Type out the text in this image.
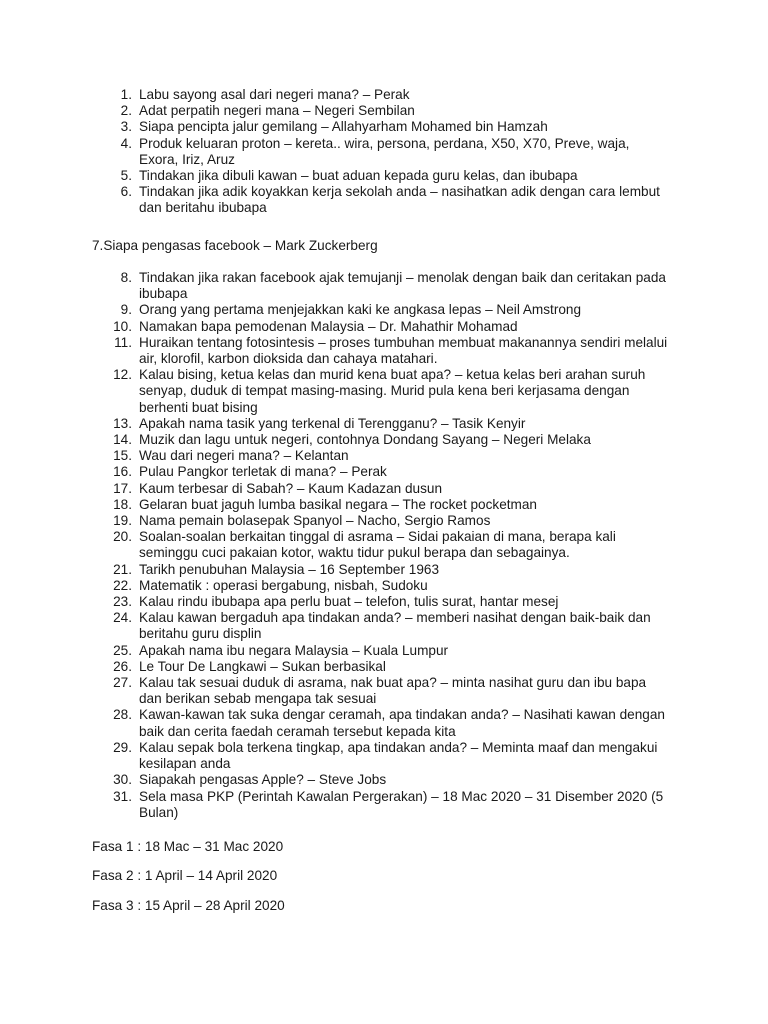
1. Labu sayong asal dari negeri mana? – Perak
2. Adat perpatih negeri mana – Negeri Sembilan
3. Siapa pencipta jalur gemilang – Allahyarham Mohamed bin Hamzah
4. Produk keluaran proton – kereta.. wira, persona, perdana, X50, X70, Preve, waja, Exora, Iriz, Aruz
5. Tindakan jika dibuli kawan – buat aduan kepada guru kelas, dan ibubapa
6. Tindakan jika adik koyakkan kerja sekolah anda – nasihatkan adik dengan cara lembut dan beritahu ibubapa

7.Siapa pengasas facebook – Mark Zuckerberg

8. Tindakan jika rakan facebook ajak temujanji – menolak dengan baik dan ceritakan pada ibubapa
9. Orang yang pertama menjejakkan kaki ke angkasa lepas – Neil Amstrong
10. Namakan bapa pemodenan Malaysia – Dr. Mahathir Mohamad
11. Huraikan tentang fotosintesis – proses tumbuhan membuat makanannya sendiri melalui air, klorofil, karbon dioksida dan cahaya matahari.
12. Kalau bising, ketua kelas dan murid kena buat apa? – ketua kelas beri arahan suruh senyap, duduk di tempat masing-masing. Murid pula kena beri kerjasama dengan berhenti buat bising
13. Apakah nama tasik yang terkenal di Terengganu? – Tasik Kenyir
14. Muzik dan lagu untuk negeri, contohnya Dondang Sayang – Negeri Melaka
15. Wau dari negeri mana? – Kelantan
16. Pulau Pangkor terletak di mana? – Perak
17. Kaum terbesar di Sabah? – Kaum Kadazan dusun
18. Gelaran buat jaguh lumba basikal negara – The rocket pocketman
19. Nama pemain bolasepak Spanyol – Nacho, Sergio Ramos
20. Soalan-soalan berkaitan tinggal di asrama – Sidai pakaian di mana, berapa kali seminggu cuci pakaian kotor, waktu tidur pukul berapa dan sebagainya.
21. Tarikh penubuhan Malaysia – 16 September 1963
22. Matematik : operasi bergabung, nisbah, Sudoku
23. Kalau rindu ibubapa apa perlu buat – telefon, tulis surat, hantar mesej
24. Kalau kawan bergaduh apa tindakan anda? – memberi nasihat dengan baik-baik dan beritahu guru displin
25. Apakah nama ibu negara Malaysia – Kuala Lumpur
26. Le Tour De Langkawi – Sukan berbasikal
27. Kalau tak sesuai duduk di asrama, nak buat apa? – minta nasihat guru dan ibu bapa dan berikan sebab mengapa tak sesuai
28. Kawan-kawan tak suka dengar ceramah, apa tindakan anda? – Nasihati kawan dengan baik dan cerita faedah ceramah tersebut kepada kita
29. Kalau sepak bola terkena tingkap, apa tindakan anda? – Meminta maaf dan mengakui kesilapan anda
30. Siapakah pengasas Apple? – Steve Jobs
31. Sela masa PKP (Perintah Kawalan Pergerakan) – 18 Mac 2020 – 31 Disember 2020 (5 Bulan)

Fasa 1 : 18 Mac – 31 Mac 2020

Fasa 2 : 1 April – 14 April 2020

Fasa 3 : 15 April – 28 April 2020
